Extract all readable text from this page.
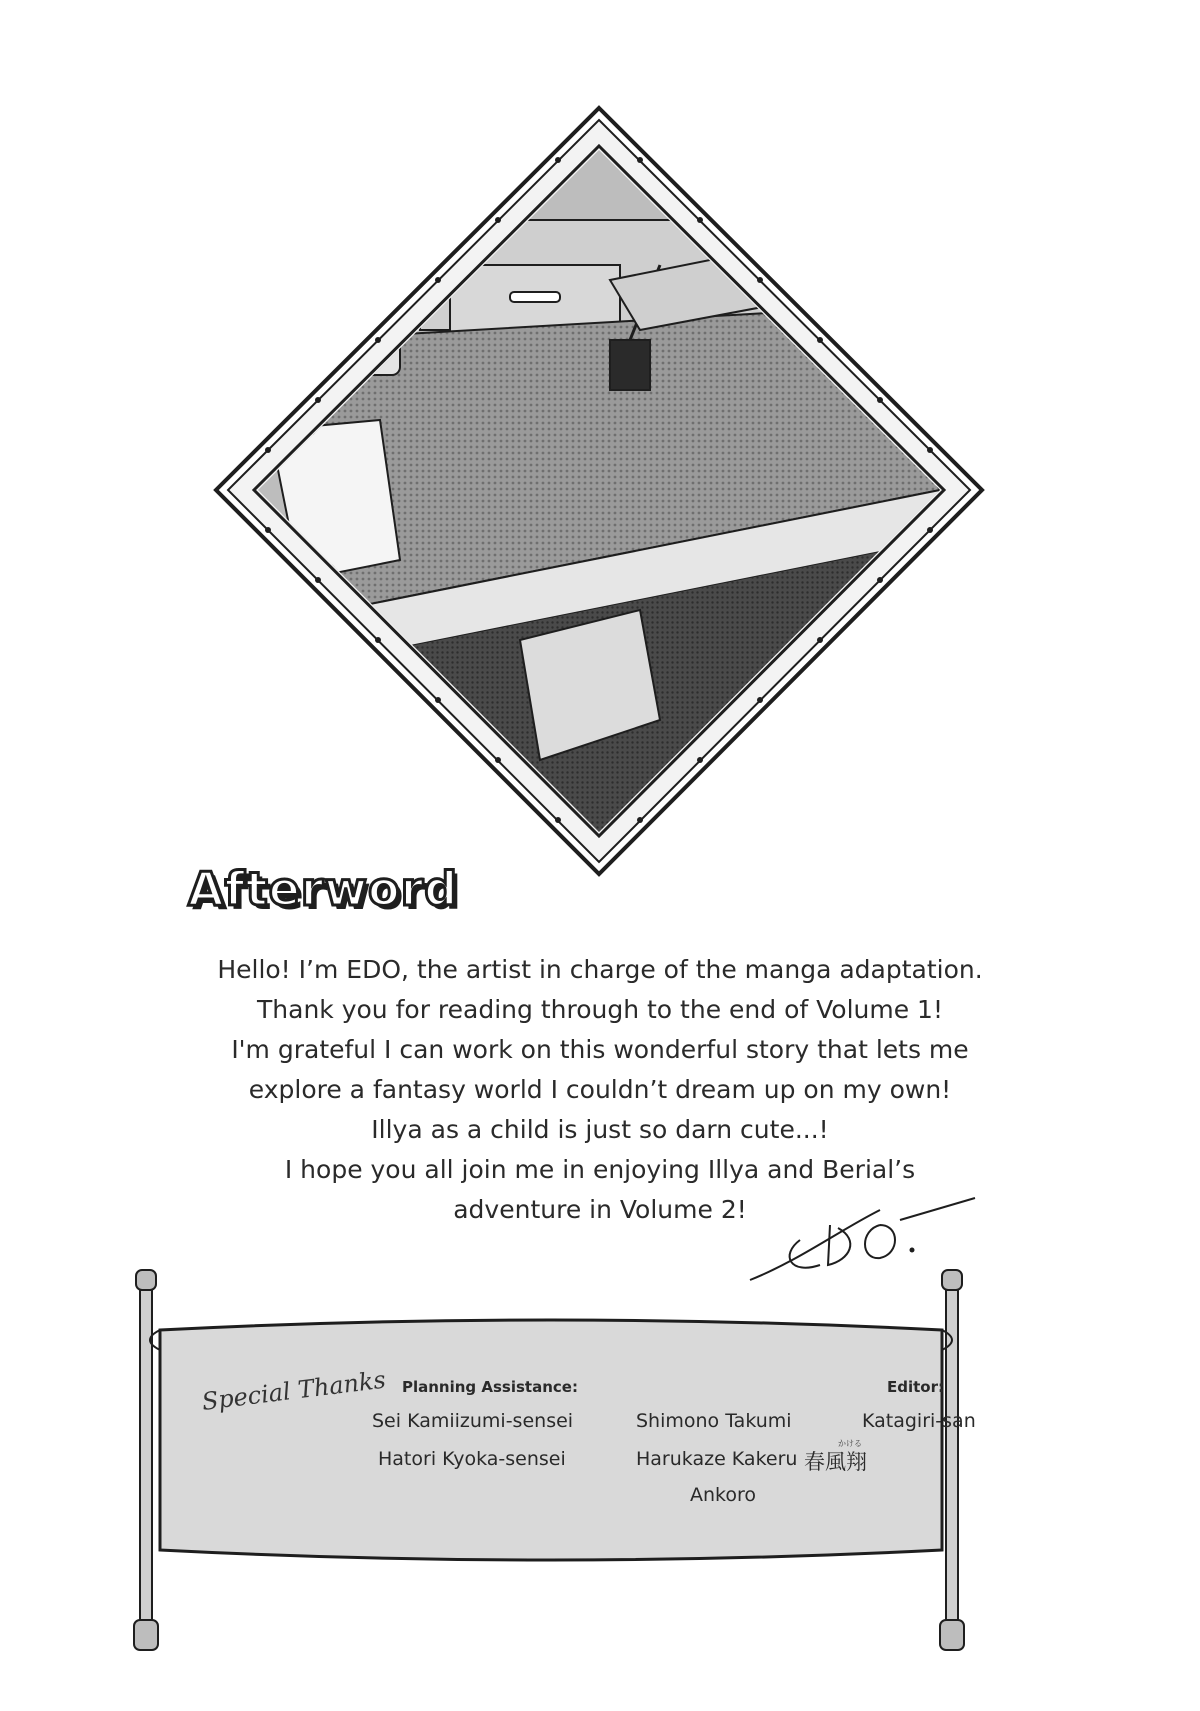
Afterword
Hello! I’m EDO, the artist in charge of the manga adaptation.
Thank you for reading through to the end of Volume 1!
I'm grateful I can work on this wonderful story that lets me
explore a fantasy world I couldn’t dream up on my own!
Illya as a child is just so darn cute...!
I hope you all join me in enjoying Illya and Berial’s
adventure in Volume 2!
Special Thanks Planning Assistance:	Editor:
Sei Kamiizumi-sensei
Hatori Kyoka-sensei
Shimono Takumi
Harukaze Kakeru 春風翔
かける
Ankoro
Katagiri-san
